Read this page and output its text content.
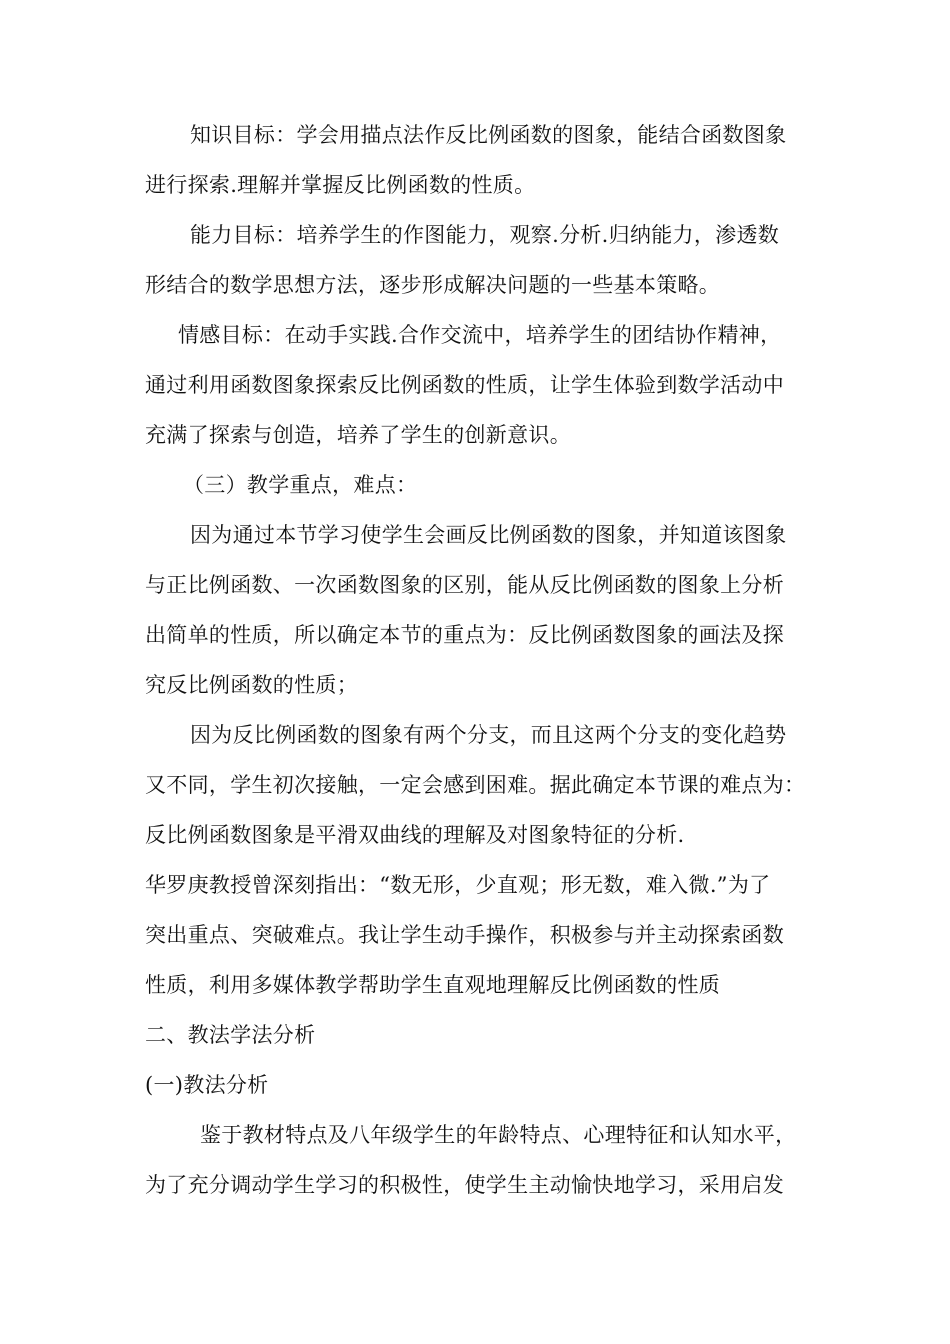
知识目标：学会用描点法作反比例函数的图象，能结合函数图象
进行探索.理解并掌握反比例函数的性质。
能力目标：培养学生的作图能力，观察.分析.归纳能力，渗透数
形结合的数学思想方法，逐步形成解决问题的一些基本策略。
情感目标：在动手实践.合作交流中，培养学生的团结协作精神，
通过利用函数图象探索反比例函数的性质，让学生体验到数学活动中
充满了探索与创造，培养了学生的创新意识。
（三）教学重点，难点：
因为通过本节学习使学生会画反比例函数的图象，并知道该图象
与正比例函数、一次函数图象的区别，能从反比例函数的图象上分析
出简单的性质，所以确定本节的重点为：反比例函数图象的画法及探
究反比例函数的性质；
因为反比例函数的图象有两个分支，而且这两个分支的变化趋势
又不同，学生初次接触，一定会感到困难。据此确定本节课的难点为：
反比例函数图象是平滑双曲线的理解及对图象特征的分析.
华罗庚教授曾深刻指出：“数无形，少直观；形无数，难入微.”为了
突出重点、突破难点。我让学生动手操作，积极参与并主动探索函数
性质，利用多媒体教学帮助学生直观地理解反比例函数的性质
二、教法学法分析
(一)教法分析
鉴于教材特点及八年级学生的年龄特点、心理特征和认知水平，
为了充分调动学生学习的积极性，使学生主动愉快地学习，采用启发
